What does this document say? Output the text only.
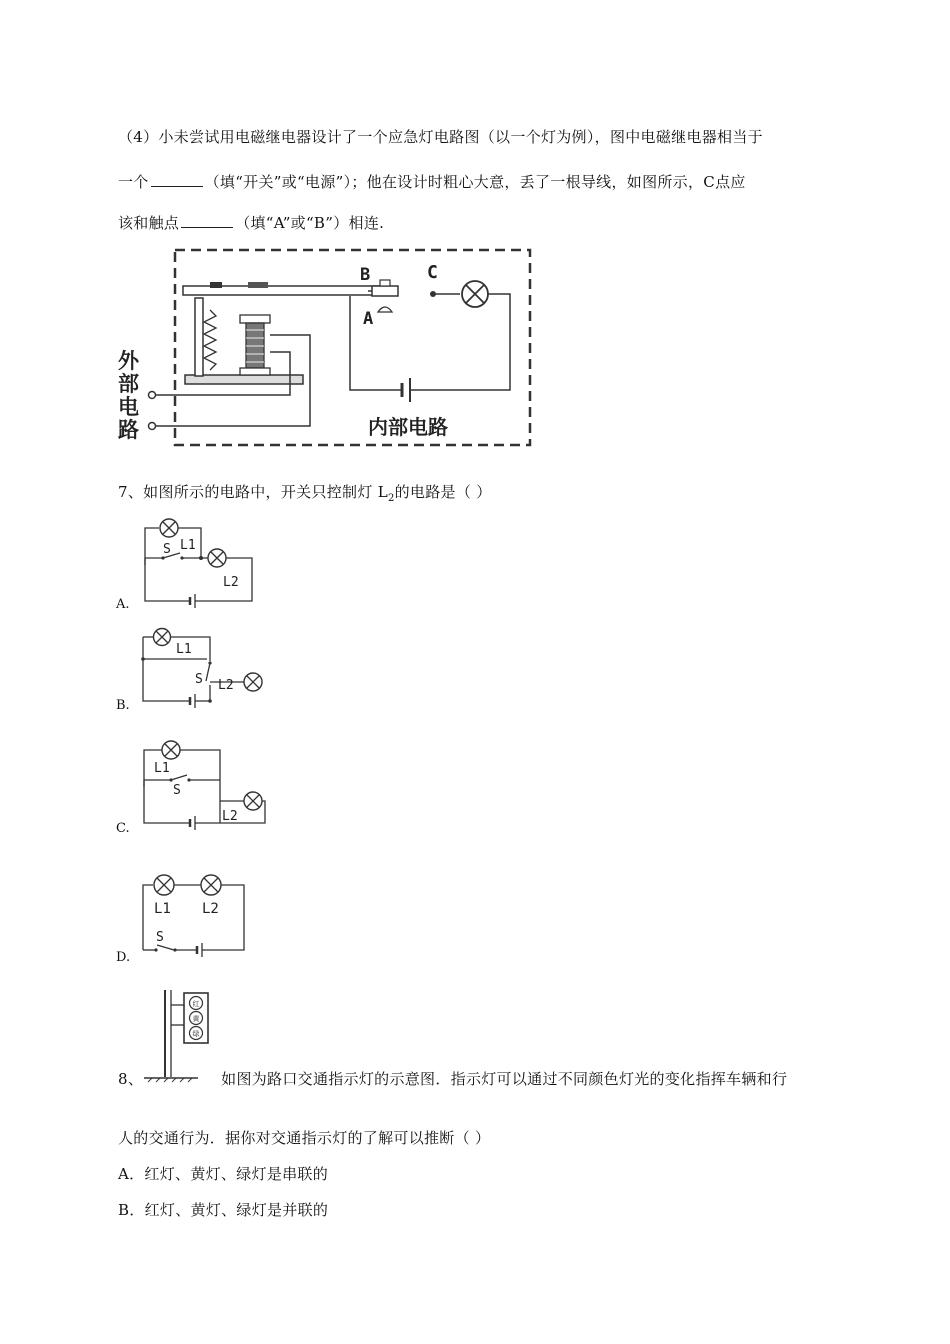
（4）小未尝试用电磁继电器设计了一个应急灯电路图（以一个灯为例），图中电磁继电器相当于
一个	（填“开关”或“电源”）；他在设计时粗心大意，丢了一根导线，如图所示，C点应
该和触点	（填“A”或“B”）相连.
B
A
C
外
部
电
路	内部电路
7、如图所示的电路中，开关只控制灯 $L_2$的电路是（ ）
A.
S L1
L2
B.
L1
S L2
C.
L1
S
L2
D.
L1 L2
S
红
黄
绿
8、	如图为路口交通指示灯的示意图．指示灯可以通过不同颜色灯光的变化指挥车辆和行
人的交通行为．据你对交通指示灯的了解可以推断（ ）
A．红灯、黄灯、绿灯是串联的
B．红灯、黄灯、绿灯是并联的
